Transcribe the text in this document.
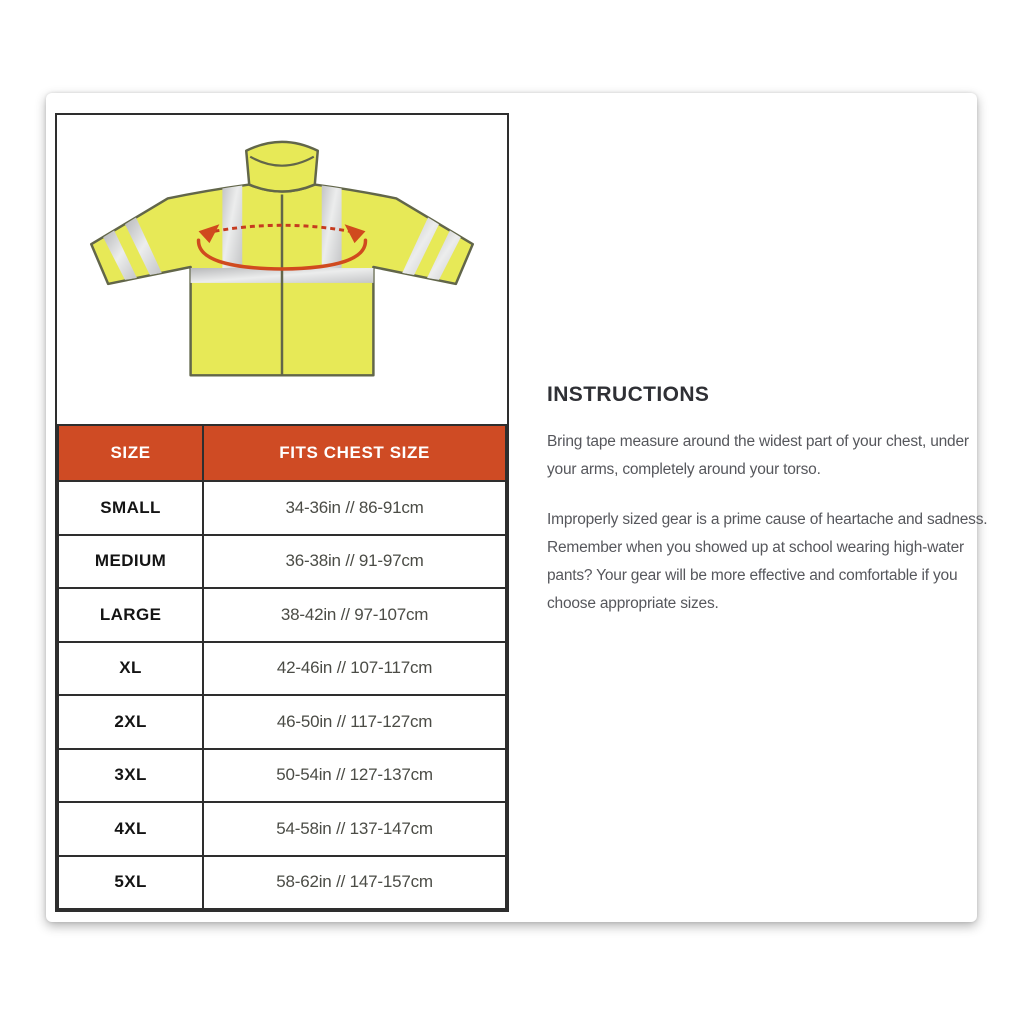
SIZE	FITS CHEST SIZE
SMALL	34-36in // 86-91cm
MEDIUM	36-38in // 91-97cm
LARGE	38-42in // 97-107cm
XL	42-46in // 107-117cm
2XL	46-50in // 117-127cm
3XL	50-54in // 127-137cm
4XL	54-58in // 137-147cm
5XL	58-62in // 147-157cm
INSTRUCTIONS

Bring tape measure around the widest part of your chest, under your arms, completely around your torso.

Improperly sized gear is a prime cause of heartache and sadness. Remember when you showed up at school wearing high-water pants? Your gear will be more effective and comfortable if you choose appropriate sizes.
